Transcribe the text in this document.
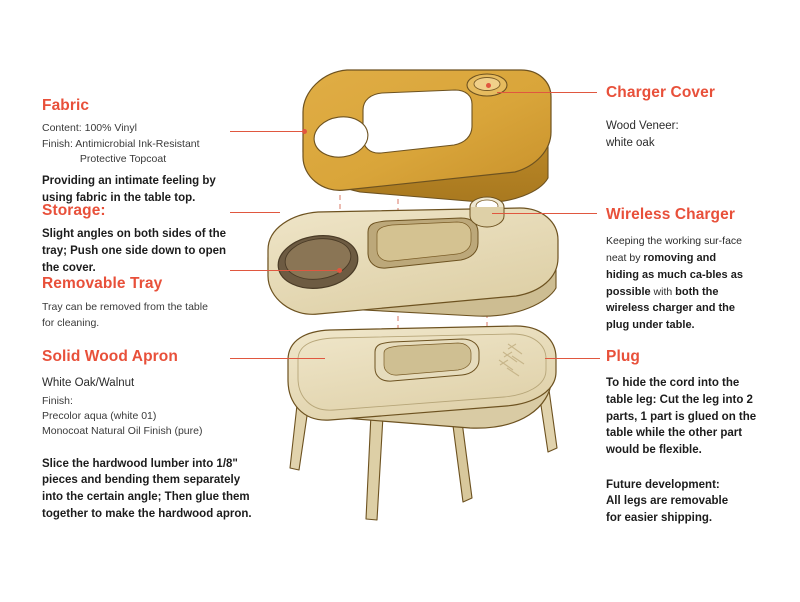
Fabric
Content: 100% Vinyl
Finish: Antimicrobial Ink-Resistant
Protective Topcoat
Providing an intimate feeling by using fabric in the table top.
Storage:
Slight angles on both sides of the tray; Push one side down to open the cover.
Removable Tray
Tray can be removed from the table
for cleaning.
Solid Wood Apron
White Oak/Walnut
Finish:
Precolor aqua (white 01)
Monocoat Natural Oil Finish (pure)
Slice the hardwood lumber into 1/8" pieces and bending them separately into the certain angle; Then glue them together to make the hardwood apron.
Charger Cover
Wood Veneer:
white oak
Wireless Charger
Keeping the working sur-face neat by romoving and hiding as much ca-bles as possible with both the wireless charger and the plug under table.
Plug
To hide the cord into the table leg: Cut the leg into 2 parts, 1 part is glued on the table while the other part would be flexible.
Future development:
All legs are removable
for easier shipping.
